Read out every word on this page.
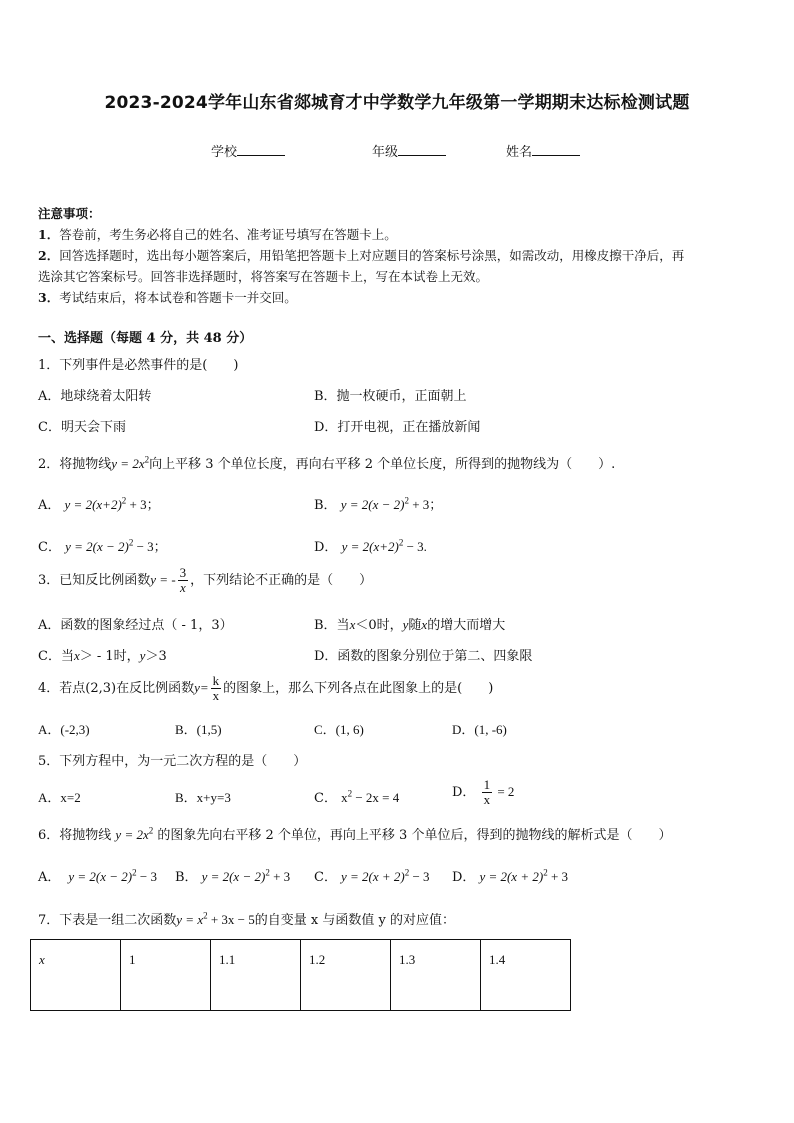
2023-2024学年山东省郯城育才中学数学九年级第一学期期末达标检测试题
学校	年级	姓名
注意事项：
1．答卷前，考生务必将自己的姓名、准考证号填写在答题卡上。
2．回答选择题时，选出每小题答案后，用铅笔把答题卡上对应题目的答案标号涂黑，如需改动，用橡皮擦干净后，再
选涂其它答案标号。回答非选择题时，将答案写在答题卡上，写在本试卷上无效。
3．考试结束后，将本试卷和答题卡一并交回。
一、选择题（每题 4 分，共 48 分）
1．下列事件是必然事件的是(　　)
A．地球绕着太阳转	B．抛一枚硬币，正面朝上
C．明天会下雨	D．打开电视，正在播放新闻
2．将抛物线$y = 2x^2$向上平移 3 个单位长度，再向右平移 2 个单位长度，所得到的抛物线为（　　）.
A． $y = 2(x+2)^2 + 3$；	B． $y = 2(x - 2)^2 + 3$；
C． $y = 2(x - 2)^2 - 3$；	D． $y = 2(x+2)^2 - 3$.
3．已知反比例函数y = - $\frac{3}{x}$ ，下列结论不正确的是（　　）
A．函数的图象经过点（ - 1，3）	B．当x＜0时，y随x的增大而增大
C．当x＞ - 1时，y＞3	D．函数的图象分别位于第二、四象限
4．若点(2,3)在反比例函数$y= \frac{k}{x}$ 的图象上，那么下列各点在此图象上的是(　　)
A．(-2,3)	B．(1,5)	C．(1, 6)	D．(1, -6)
5．下列方程中，为一元二次方程的是（　　）
A．x=2	B．x+y=3	C． $x^2 - 2x = 4$	D． $\frac{1}{x} = 2$
6．将抛物线 $y = 2x^2$ 的图象先向右平移 2 个单位，再向上平移 3 个单位后，得到的抛物线的解析式是（　　）
A． $y = 2(x - 2)^2 - 3$ B． $y = 2(x - 2)^2 + 3$ C． $y = 2(x + 2)^2 - 3$ D． $y = 2(x + 2)^2 + 3$
7．下表是一组二次函数$y = x^2 + 3x - 5$的自变量 x 与函数值 y 的对应值：
x	1	1.1	1.2	1.3	1.4
